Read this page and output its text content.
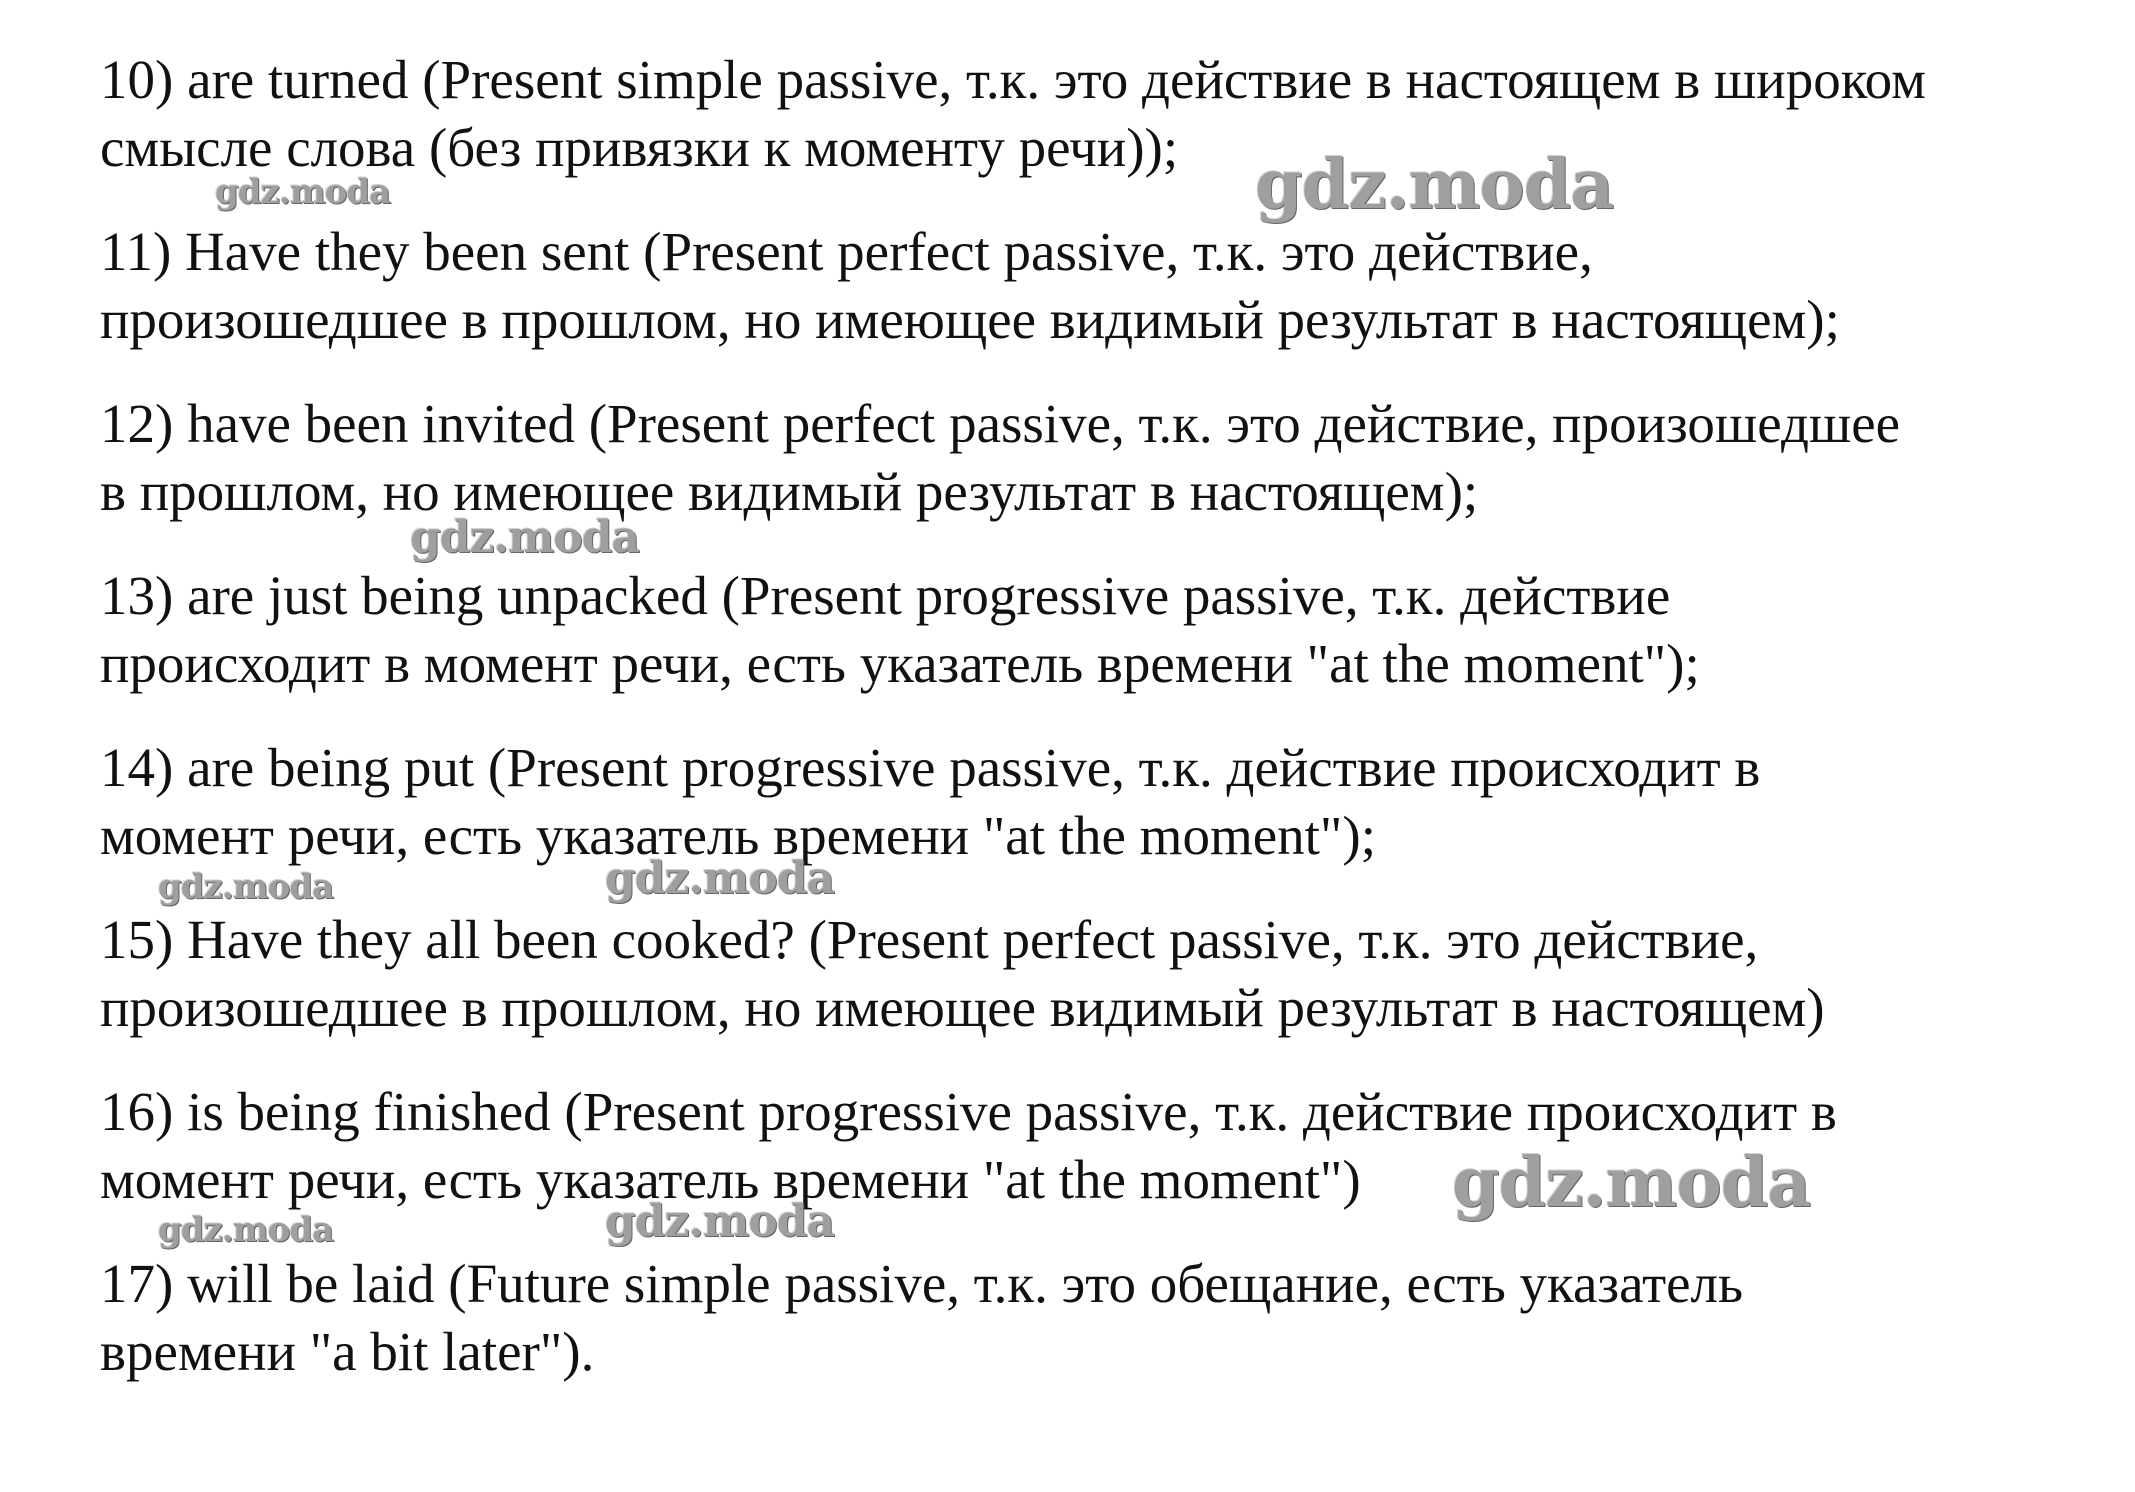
10) are turned (Present simple passive, т.к. это действие в настоящем в широком
смысле слова (без привязки к моменту речи));
11) Have they been sent (Present perfect passive, т.к. это действие,
произошедшее в прошлом, но имеющее видимый результат в настоящем);
12) have been invited (Present perfect passive, т.к. это действие, произошедшее
в прошлом, но имеющее видимый результат в настоящем);
13) are just being unpacked (Present progressive passive, т.к. действие
происходит в момент речи, есть указатель времени "at the moment");
14) are being put (Present progressive passive, т.к. действие происходит в
момент речи, есть указатель времени "at the moment");
15) Have they all been cooked? (Present perfect passive, т.к. это действие,
произошедшее в прошлом, но имеющее видимый результат в настоящем)
16) is being finished (Present progressive passive, т.к. действие происходит в
момент речи, есть указатель времени "at the moment")
17) will be laid (Future simple passive, т.к. это обещание, есть указатель
времени "a bit later").
gdz.moda	gdz.moda
gdz.moda
gdz.moda	gdz.moda
gdz.moda
gdz.moda	gdz.moda
